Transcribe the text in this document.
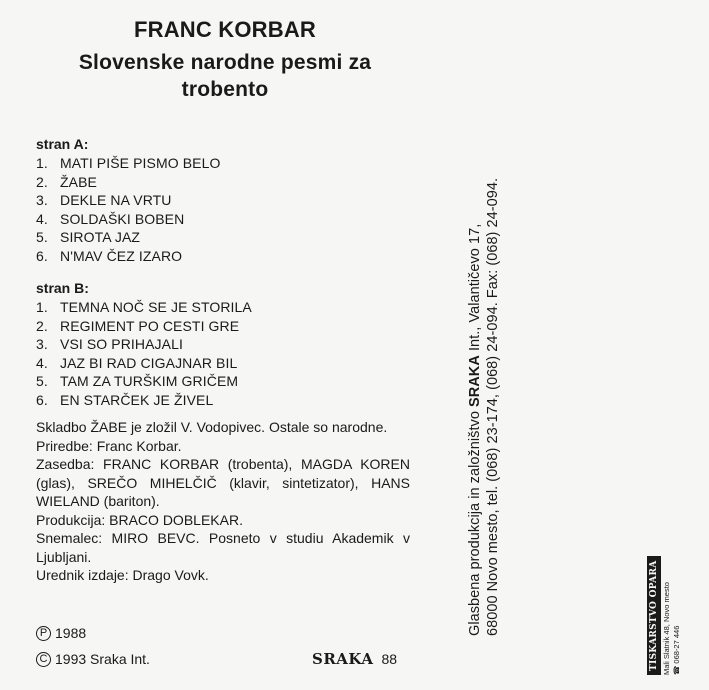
FRANC KORBAR
Slovenske narodne pesmi za
trobento
stran A:
1. MATI PIŠE PISMO BELO
2. ŽABE
3. DEKLE NA VRTU
4. SOLDAŠKI BOBEN
5. SIROTA JAZ
6. N'MAV ČEZ IZARO
stran B:
1. TEMNA NOČ SE JE STORILA
2. REGIMENT PO CESTI GRE
3. VSI SO PRIHAJALI
4. JAZ BI RAD CIGAJNAR BIL
5. TAM ZA TURŠKIM GRIČEM
6. EN STARČEK JE ŽIVEL

Skladbo ŽABE je zložil V. Vodopivec. Ostale so narodne.

Priredbe: Franc Korbar.

Zasedba: FRANC KORBAR (trobenta), MAGDA KOREN (glas), SREČO MIHELČIČ (klavir, sintetizator), HANS WIELAND (bariton).

Produkcija: BRACO DOBLEKAR.

Snemalec: MIRO BEVC. Posneto v studiu Akademik v Ljubljani.

Urednik izdaje: Drago Vovk.

P 1988
C 1993 Sraka Int.	SRAKA 88
Glasbena produkcija in založništvo SRAKA Int., Valantičevo 17, 68000 Novo mesto, tel. (068) 23-174, (068) 24-094. Fax: (068) 24-094.	TISKARSTVO OPARA Mali Slatnik 48, Novo mesto ☎ 068-27 446
